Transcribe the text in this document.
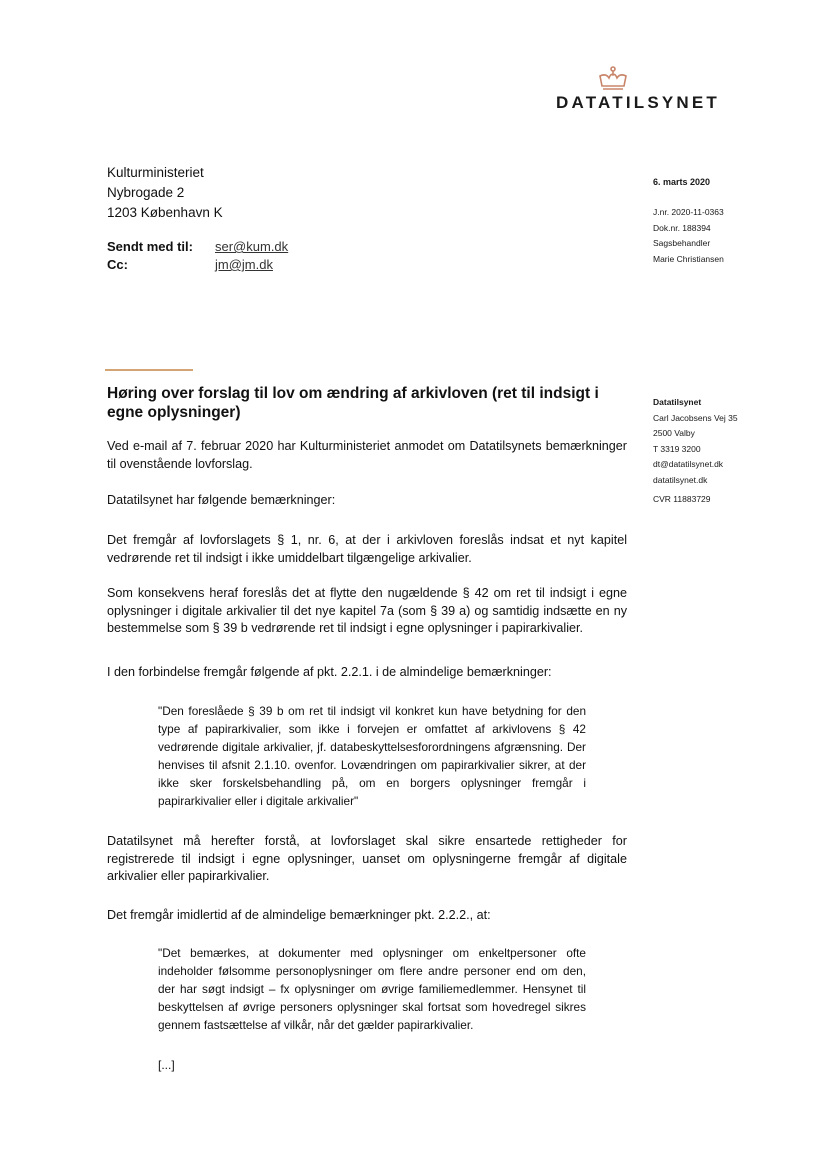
DATATILSYNET
Kulturministeriet
Nybrogade 2
1203 København K
Sendt med til:	ser@kum.dk
Cc:	jm@jm.dk
6. marts 2020
J.nr. 2020-11-0363
Dok.nr. 188394
Sagsbehandler
Marie Christiansen
Datatilsynet
Carl Jacobsens Vej 35
2500 Valby
T 3319 3200
dt@datatilsynet.dk
datatilsynet.dk
CVR 11883729
Høring over forslag til lov om ændring af arkivloven (ret til indsigt i egne oplysninger)
Ved e-mail af 7. februar 2020 har Kulturministeriet anmodet om Datatilsynets bemærkninger til ovenstående lovforslag.
Datatilsynet har følgende bemærkninger:
Det fremgår af lovforslagets § 1, nr. 6, at der i arkivloven foreslås indsat et nyt kapitel vedrørende ret til indsigt i ikke umiddelbart tilgængelige arkivalier.
Som konsekvens heraf foreslås det at flytte den nugældende § 42 om ret til indsigt i egne oplysninger i digitale arkivalier til det nye kapitel 7a (som § 39 a) og samtidig indsætte en ny bestemmelse som § 39 b vedrørende ret til indsigt i egne oplysninger i papirarkivalier.
I den forbindelse fremgår følgende af pkt. 2.2.1. i de almindelige bemærkninger:
"Den foreslåede § 39 b om ret til indsigt vil konkret kun have betydning for den type af papirarkivalier, som ikke i forvejen er omfattet af arkivlovens § 42 vedrørende digitale arkivalier, jf. databeskyttelsesforordningens afgrænsning. Der henvises til afsnit 2.1.10. ovenfor. Lovændringen om papirarkivalier sikrer, at der ikke sker forskelsbehandling på, om en borgers oplysninger fremgår i papirarkivalier eller i digitale arkivalier"
Datatilsynet må herefter forstå, at lovforslaget skal sikre ensartede rettigheder for registrerede til indsigt i egne oplysninger, uanset om oplysningerne fremgår af digitale arkivalier eller papirarkivalier.
Det fremgår imidlertid af de almindelige bemærkninger pkt. 2.2.2., at:
"Det bemærkes, at dokumenter med oplysninger om enkeltpersoner ofte indeholder følsomme personoplysninger om flere andre personer end om den, der har søgt indsigt – fx oplysninger om øvrige familiemedlemmer. Hensynet til beskyttelsen af øvrige personers oplysninger skal fortsat som hovedregel sikres gennem fastsættelse af vilkår, når det gælder papirarkivalier.
[...]
